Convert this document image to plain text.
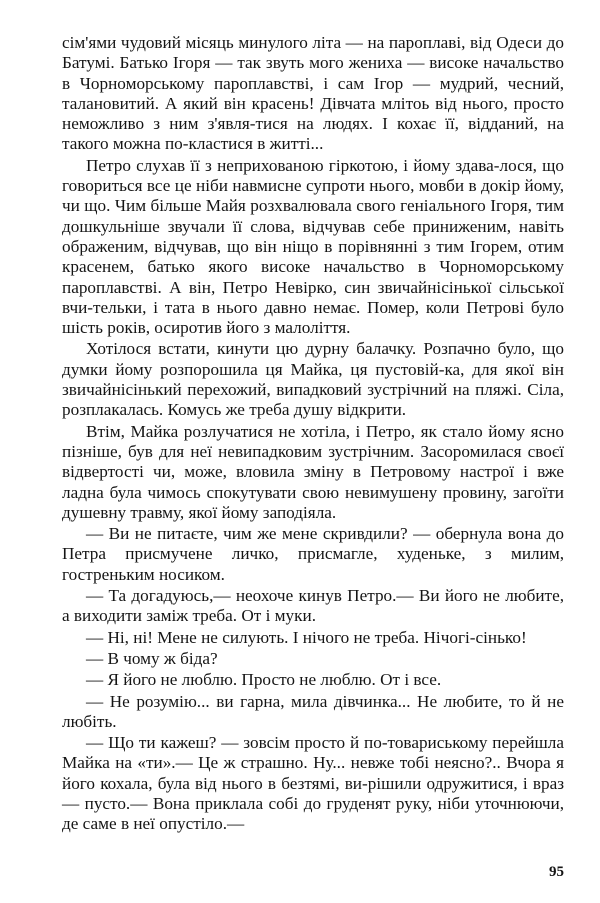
сім'ями чудовий місяць минулого літа — на пароплаві, від Одеси до Батумі. Батько Ігоря — так звуть мого жениха — високе начальство в Чорноморському пароплавстві, і сам Ігор — мудрий, чесний, талановитий. А який він красень! Дівчата млітоь від нього, просто неможливо з ним з'явля-тися на людях. І кохає її, відданий, на такого можна по-кластися в житті...

Петро слухав її з неприхованою гіркотою, і йому здава-лося, що говориться все це ніби навмисне супроти нього, мовби в докір йому, чи що. Чим більше Майя розхвалювала свого геніального Ігоря, тим дошкульніше звучали її слова, відчував себе приниженим, навіть ображеним, відчував, що він ніщо в порівнянні з тим Ігорем, отим красенем, батько якого високе начальство в Чорноморському пароплавстві. А він, Петро Невірко, син звичайнісінької сільської вчи-тельки, і тата в нього давно немає. Помер, коли Петрові було шість років, осиротив його з малоліття.

Хотілося встати, кинути цю дурну балачку. Розпачно було, що думки йому розпорошила ця Майка, ця пустовій-ка, для якої він звичайнісінький перехожий, випадковий зустрічний на пляжі. Сіла, розплакалась. Комусь же треба душу відкрити.

Втім, Майка розлучатися не хотіла, і Петро, як стало йому ясно пізніше, був для неї невипадковим зустрічним. Засоромилася своєї відвертості чи, може, вловила зміну в Петровому настрої і вже ладна була чимось спокутувати свою невимушену провину, загоїти душевну травму, якої йому заподіяла.

— Ви не питаєте, чим же мене скривдили? — обернула вона до Петра присмучене личко, присмагле, худеньке, з милим, гостреньким носиком.

— Та догадуюсь,— неохоче кинув Петро.— Ви його не любите, а виходити заміж треба. От і муки.

— Ні, ні! Мене не силують. І нічого не треба. Нічогі-сінько!

— В чому ж біда?

— Я його не люблю. Просто не люблю. От і все.

— Не розумію... ви гарна, мила дівчинка... Не любите, то й не любіть.

— Що ти кажеш? — зовсім просто й по-товариському перейшла Майка на «ти».— Це ж страшно. Ну... невже тобі неясно?.. Вчора я його кохала, була від нього в безтямі, ви-рішили одружитися, і враз — пусто.— Вона приклала собі до груденят руку, ніби уточнюючи, де саме в неї опустіло.—

95
